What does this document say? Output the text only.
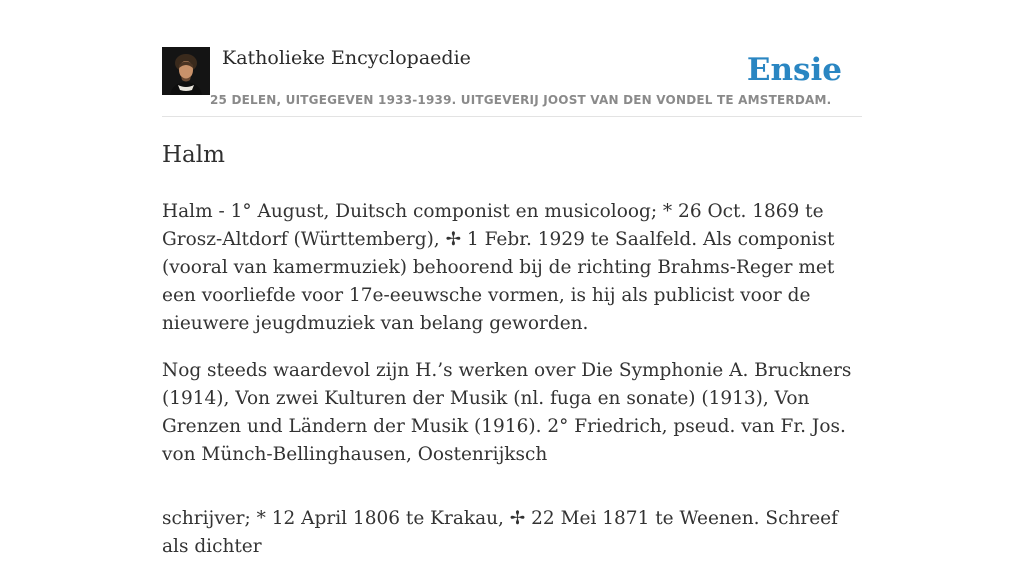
Katholieke Encyclopaedie	Ensie
25 DELEN, UITGEGEVEN 1933-1939. UITGEVERIJ JOOST VAN DEN VONDEL TE AMSTERDAM.
Halm

Halm - 1° August, Duitsch componist en musicoloog; * 26 Oct. 1869 te Grosz-Altdorf (Württemberg), ✢ 1 Febr. 1929 te Saalfeld. Als componist (vooral van kamermuziek) behoorend bij de richting Brahms-Reger met een voorliefde voor 17e-eeuwsche vormen, is hij als publicist voor de nieuwere jeugdmuziek van belang geworden.

Nog steeds waardevol zijn H.’s werken over Die Symphonie A. Bruckners (1914), Von zwei Kulturen der Musik (nl. fuga en sonate) (1913), Von Grenzen und Ländern der Musik (1916). 2° Friedrich, pseud. van Fr. Jos. von Münch-Bellinghausen, Oostenrijksch

schrijver; * 12 April 1806 te Krakau, ✢ 22 Mei 1871 te Weenen. Schreef als dichter
